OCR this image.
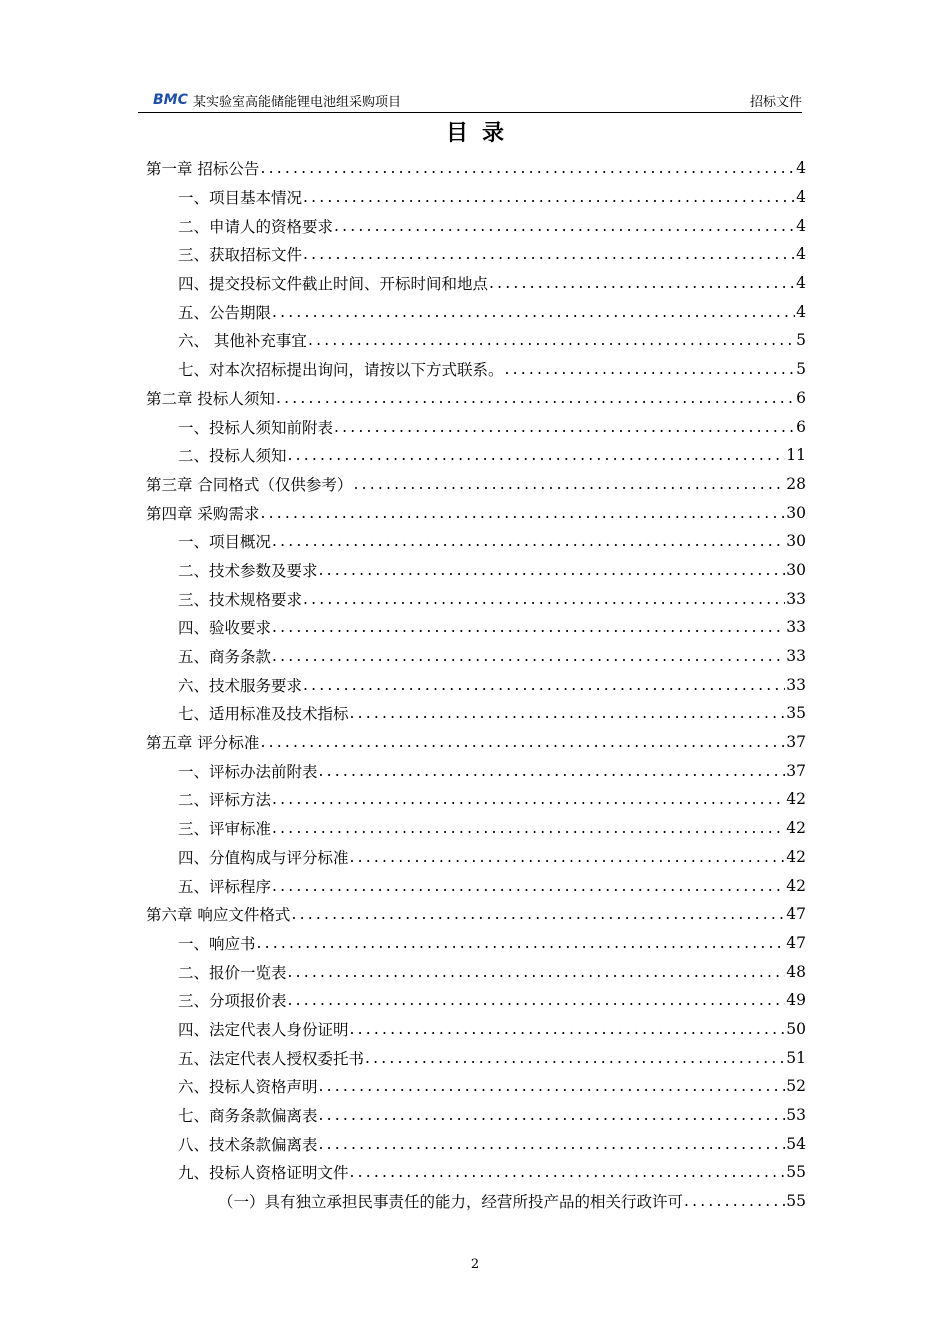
BMC 某实验室高能储能锂电池组采购项目	招标文件
目录
第一章 招标公告 .....	4
一、项目基本情况 .....	4
二、申请人的资格要求 .....	4
三、获取招标文件 .....	4
四、提交投标文件截止时间、开标时间和地点 .....	4
五、公告期限 .....	4
六、 其他补充事宜 .....	5
七、对本次招标提出询问，请按以下方式联系。 .....	5
第二章 投标人须知 .....	6
一、投标人须知前附表 .....	6
二、投标人须知 .....	11
第三章 合同格式（仅供参考） .....	28
第四章 采购需求 .....	30
一、项目概况 .....	30
二、技术参数及要求 .....	30
三、技术规格要求 .....	33
四、验收要求 .....	33
五、商务条款 .....	33
六、技术服务要求 .....	33
七、适用标准及技术指标 .....	35
第五章 评分标准 .....	37
一、评标办法前附表 .....	37
二、评标方法 .....	42
三、评审标准 .....	42
四、分值构成与评分标准 .....	42
五、评标程序 .....	42
第六章 响应文件格式 .....	47
一、响应书 .....	47
二、报价一览表 .....	48
三、分项报价表 .....	49
四、法定代表人身份证明 .....	50
五、法定代表人授权委托书 .....	51
六、投标人资格声明 .....	52
七、商务条款偏离表 .....	53
八、技术条款偏离表 .....	54
九、投标人资格证明文件 .....	55
（一）具有独立承担民事责任的能力，经营所投产品的相关行政许可 .....	55
2
